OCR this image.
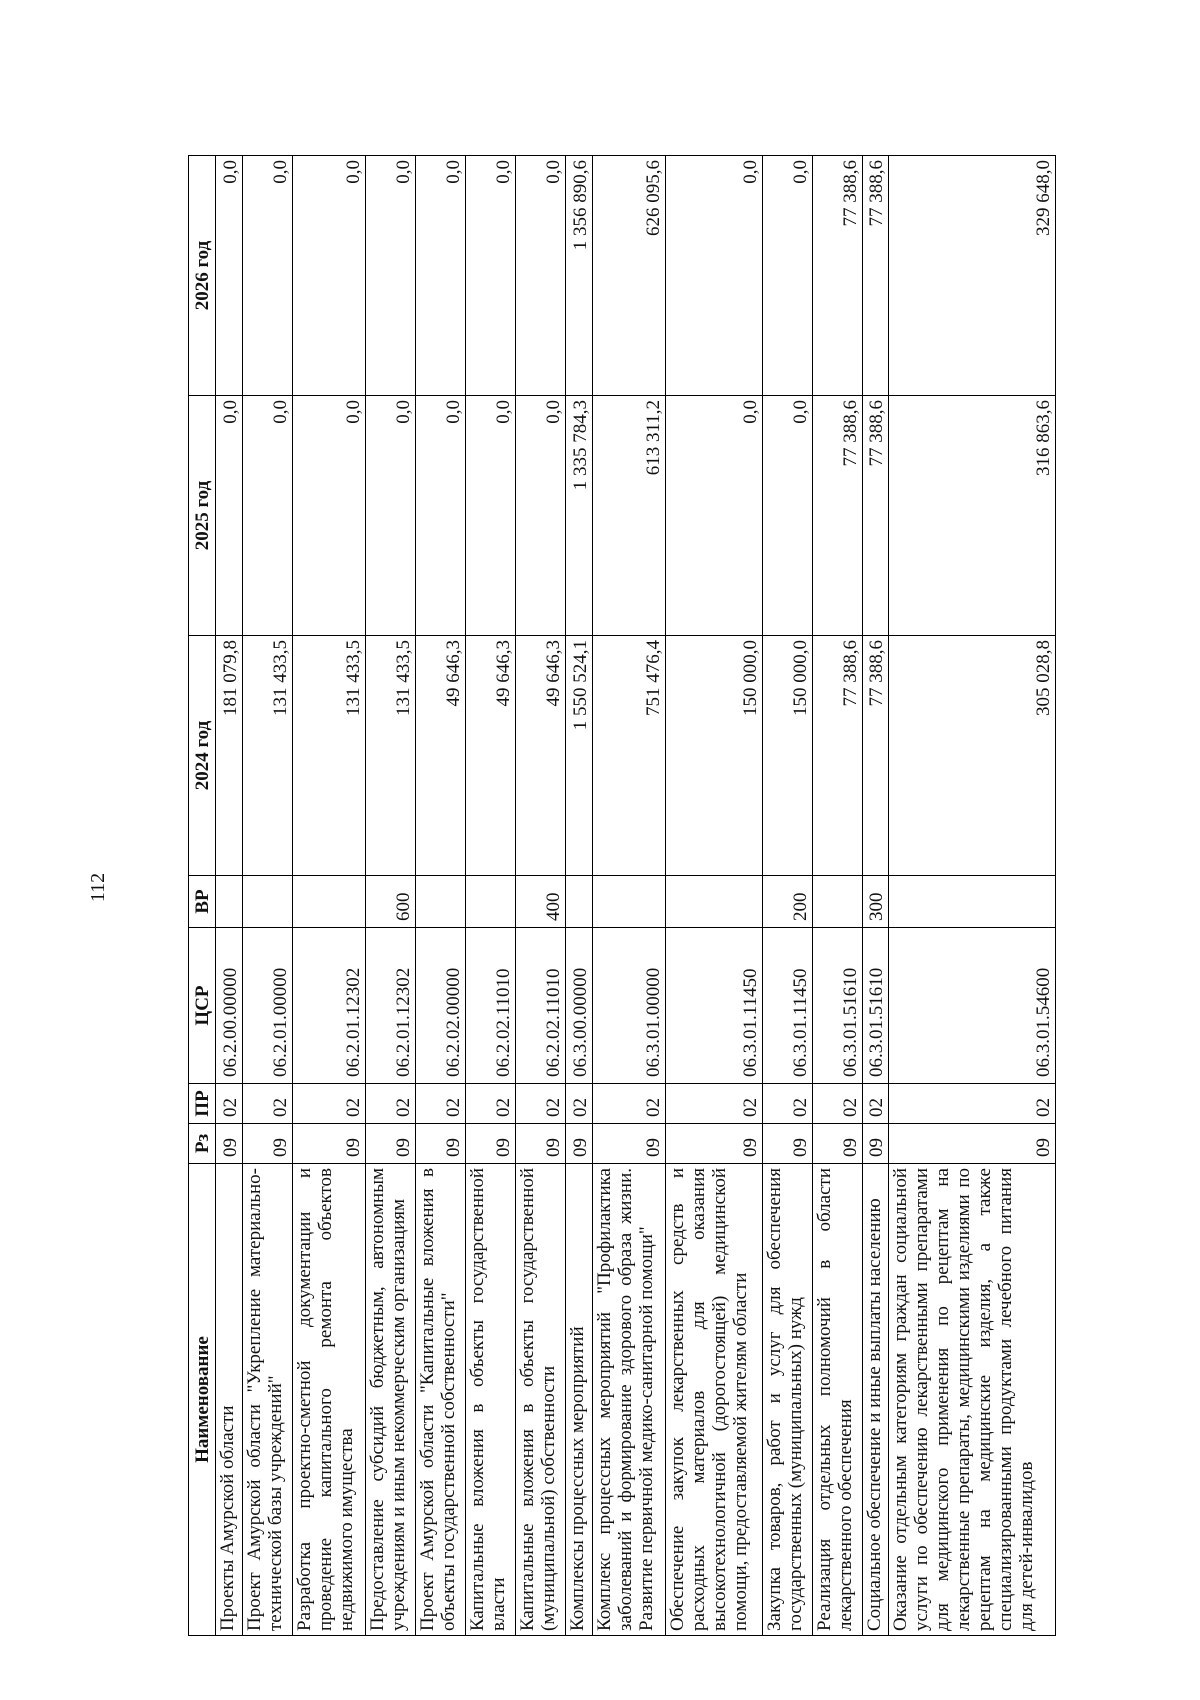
112
Наименование	Рз	ПР	ЦСР	ВР	2024 год	2025 год	2026 год
Проекты Амурской области	09	02	06.2.00.00000		181 079,8	0,0	0,0
Проект Амурской области "Укрепление материально-технической базы учреждений"	09	02	06.2.01.00000		131 433,5	0,0	0,0
Разработка проектно-сметной документации и проведение капитального ремонта объектов недвижимого имущества	09	02	06.2.01.12302		131 433,5	0,0	0,0
Предоставление субсидий бюджетным, автономным учреждениям и иным некоммерческим организациям	09	02	06.2.01.12302	600	131 433,5	0,0	0,0
Проект Амурской области "Капитальные вложения в объекты государственной собственности"	09	02	06.2.02.00000		49 646,3	0,0	0,0
Капитальные вложения в объекты государственной власти	09	02	06.2.02.11010		49 646,3	0,0	0,0
Капитальные вложения в объекты государственной (муниципальной) собственности	09	02	06.2.02.11010	400	49 646,3	0,0	0,0
Комплексы процессных мероприятий	09	02	06.3.00.00000		1 550 524,1	1 335 784,3	1 356 890,6
Комплекс процессных мероприятий "Профилактика заболеваний и формирование здорового образа жизни. Развитие первичной медико-санитарной помощи"	09	02	06.3.01.00000		751 476,4	613 311,2	626 095,6
Обеспечение закупок лекарственных средств и расходных материалов для оказания высокотехнологичной (дорогостоящей) медицинской помощи, предоставляемой жителям области	09	02	06.3.01.11450		150 000,0	0,0	0,0
Закупка товаров, работ и услуг для обеспечения государственных (муниципальных) нужд	09	02	06.3.01.11450	200	150 000,0	0,0	0,0
Реализация отдельных полномочий в области лекарственного обеспечения	09	02	06.3.01.51610		77 388,6	77 388,6	77 388,6
Социальное обеспечение и иные выплаты населению	09	02	06.3.01.51610	300	77 388,6	77 388,6	77 388,6
Оказание отдельным категориям граждан социальной услуги по обеспечению лекарственными препаратами для медицинского применения по рецептам на лекарственные препараты, медицинскими изделиями по рецептам на медицинские изделия, а также специализированными продуктами лечебного питания для детей-инвалидов	09	02	06.3.01.54600		305 028,8	316 863,6	329 648,0
